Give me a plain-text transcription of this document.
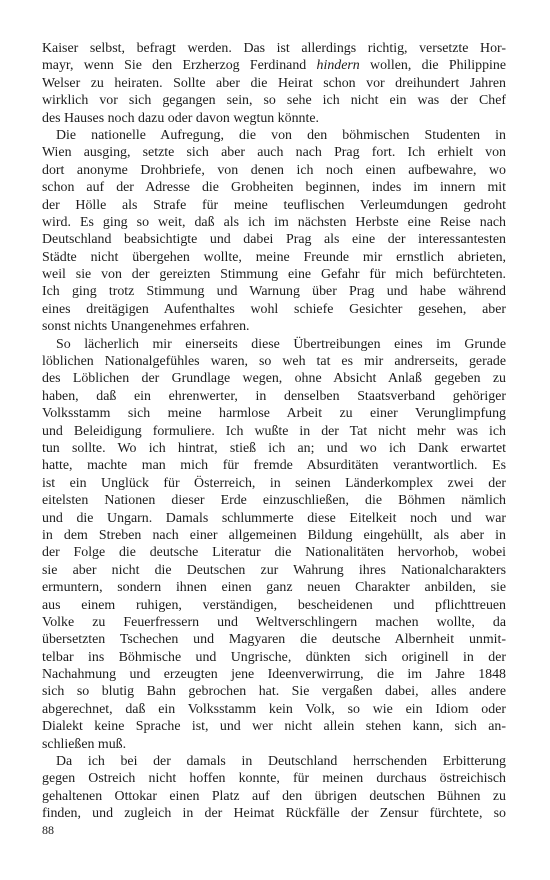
Kaiser selbst, befragt werden. Das ist allerdings richtig, versetzte Hor-
mayr, wenn Sie den Erzherzog Ferdinand hindern wollen, die Philippine
Welser zu heiraten. Sollte aber die Heirat schon vor dreihundert Jahren
wirklich vor sich gegangen sein, so sehe ich nicht ein was der Chef
des Hauses noch dazu oder davon wegtun könnte.
Die nationelle Aufregung, die von den böhmischen Studenten in
Wien ausging, setzte sich aber auch nach Prag fort. Ich erhielt von
dort anonyme Drohbriefe, von denen ich noch einen aufbewahre, wo
schon auf der Adresse die Grobheiten beginnen, indes im innern mit
der Hölle als Strafe für meine teuflischen Verleumdungen gedroht
wird. Es ging so weit, daß als ich im nächsten Herbste eine Reise nach
Deutschland beabsichtigte und dabei Prag als eine der interessantesten
Städte nicht übergehen wollte, meine Freunde mir ernstlich abrieten,
weil sie von der gereizten Stimmung eine Gefahr für mich befürchteten.
Ich ging trotz Stimmung und Warnung über Prag und habe während
eines dreitägigen Aufenthaltes wohl schiefe Gesichter gesehen, aber
sonst nichts Unangenehmes erfahren.
So lächerlich mir einerseits diese Übertreibungen eines im Grunde
löblichen Nationalgefühles waren, so weh tat es mir andrerseits, gerade
des Löblichen der Grundlage wegen, ohne Absicht Anlaß gegeben zu
haben, daß ein ehrenwerter, in denselben Staatsverband gehöriger
Volksstamm sich meine harmlose Arbeit zu einer Verunglimpfung
und Beleidigung formuliere. Ich wußte in der Tat nicht mehr was ich
tun sollte. Wo ich hintrat, stieß ich an; und wo ich Dank erwartet
hatte, machte man mich für fremde Absurditäten verantwortlich. Es
ist ein Unglück für Österreich, in seinen Länderkomplex zwei der
eitelsten Nationen dieser Erde einzuschließen, die Böhmen nämlich
und die Ungarn. Damals schlummerte diese Eitelkeit noch und war
in dem Streben nach einer allgemeinen Bildung eingehüllt, als aber in
der Folge die deutsche Literatur die Nationalitäten hervorhob, wobei
sie aber nicht die Deutschen zur Wahrung ihres Nationalcharakters
ermuntern, sondern ihnen einen ganz neuen Charakter anbilden, sie
aus einem ruhigen, verständigen, bescheidenen und pflichttreuen
Volke zu Feuerfressern und Weltverschlingern machen wollte, da
übersetzten Tschechen und Magyaren die deutsche Albernheit unmit-
telbar ins Böhmische und Ungrische, dünkten sich originell in der
Nachahmung und erzeugten jene Ideenverwirrung, die im Jahre 1848
sich so blutig Bahn gebrochen hat. Sie vergaßen dabei, alles andere
abgerechnet, daß ein Volksstamm kein Volk, so wie ein Idiom oder
Dialekt keine Sprache ist, und wer nicht allein stehen kann, sich an-
schließen muß.
Da ich bei der damals in Deutschland herrschenden Erbitterung
gegen Ostreich nicht hoffen konnte, für meinen durchaus östreichisch
gehaltenen Ottokar einen Platz auf den übrigen deutschen Bühnen zu
finden, und zugleich in der Heimat Rückfälle der Zensur fürchtete, so
88
